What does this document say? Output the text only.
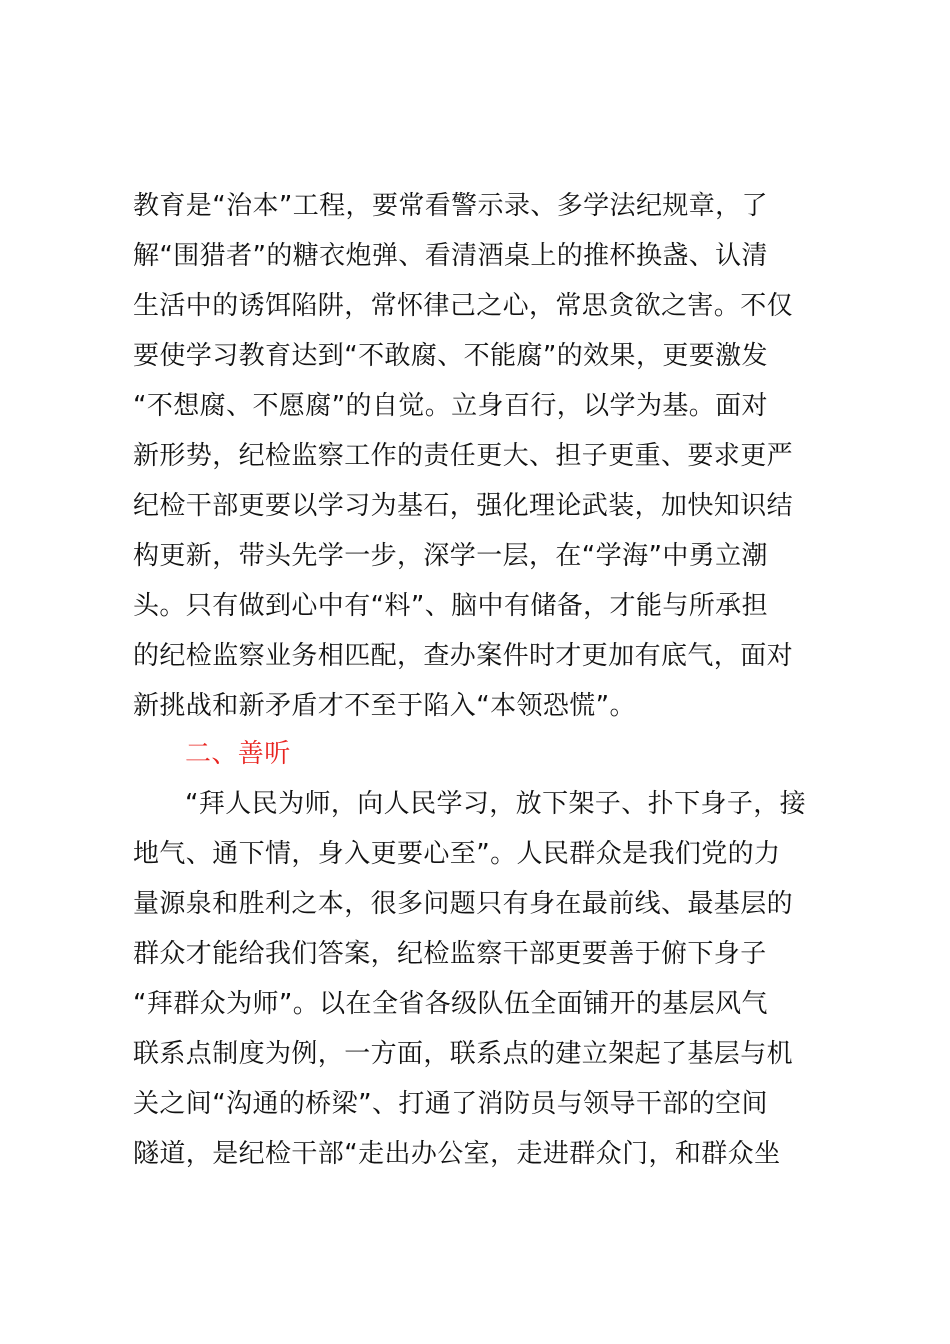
教育是“治本”工程，要常看警示录、多学法纪规章，了
解“围猎者”的糖衣炮弹、看清酒桌上的推杯换盏、认清
生活中的诱饵陷阱，常怀律己之心，常思贪欲之害。不仅
要使学习教育达到“不敢腐、不能腐”的效果，更要激发
“不想腐、不愿腐”的自觉。立身百行，以学为基。面对
新形势，纪检监察工作的责任更大、担子更重、要求更严
纪检干部更要以学习为基石，强化理论武装，加快知识结
构更新，带头先学一步，深学一层，在“学海”中勇立潮
头。只有做到心中有“料”、脑中有储备，才能与所承担
的纪检监察业务相匹配，查办案件时才更加有底气，面对
新挑战和新矛盾才不至于陷入“本领恐慌”。
二、善听
“拜人民为师，向人民学习，放下架子、扑下身子，接
地气、通下情，身入更要心至”。人民群众是我们党的力
量源泉和胜利之本，很多问题只有身在最前线、最基层的
群众才能给我们答案，纪检监察干部更要善于俯下身子
“拜群众为师”。以在全省各级队伍全面铺开的基层风气
联系点制度为例，一方面，联系点的建立架起了基层与机
关之间“沟通的桥梁”、打通了消防员与领导干部的空间
隧道，是纪检干部“走出办公室，走进群众门，和群众坐
